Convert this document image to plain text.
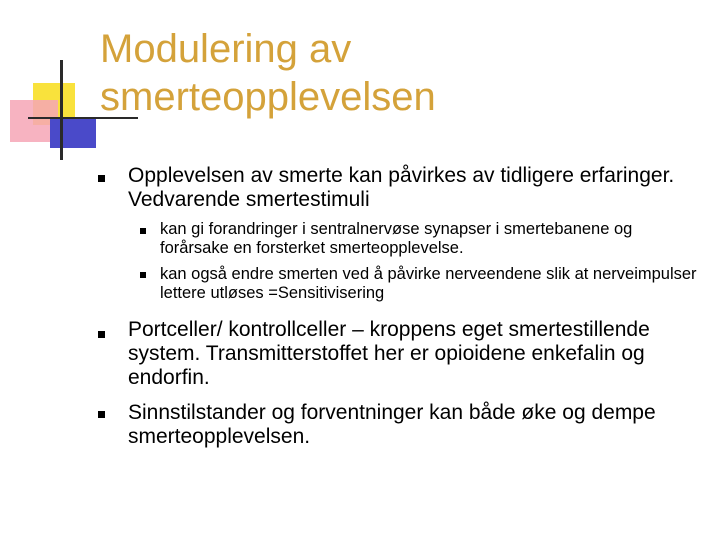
Modulering av
smerteopplevelsen
Opplevelsen av smerte kan påvirkes av tidligere erfaringer. Vedvarende smertestimuli
kan gi forandringer i sentralnervøse synapser i smertebanene og forårsake en forsterket smerteopplevelse.
kan også endre smerten ved å påvirke nerveendene slik at nerveimpulser lettere utløses =Sensitivisering
Portceller/ kontrollceller – kroppens eget smertestillende system. Transmitterstoffet her er opioidene enkefalin og endorfin.
Sinnstilstander og forventninger kan både øke og dempe smerteopplevelsen.
